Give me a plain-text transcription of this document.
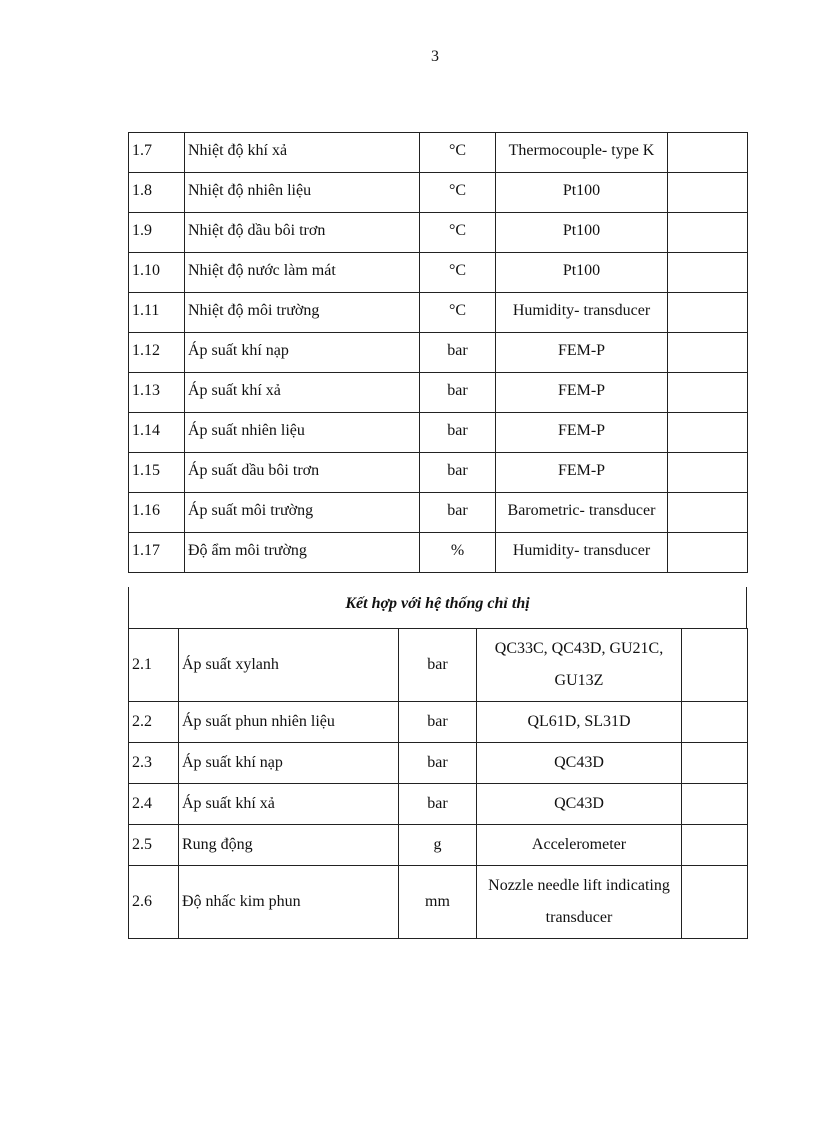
3
1.7	Nhiệt độ khí xả	°C	Thermocouple- type K	
1.8	Nhiệt độ nhiên liệu	°C	Pt100	
1.9	Nhiệt độ dầu bôi trơn	°C	Pt100	
1.10	Nhiệt độ nước làm mát	°C	Pt100	
1.11	Nhiệt độ môi trường	°C	Humidity- transducer	
1.12	Áp suất khí nạp	bar	FEM-P	
1.13	Áp suất khí xả	bar	FEM-P	
1.14	Áp suất nhiên liệu	bar	FEM-P	
1.15	Áp suất dầu bôi trơn	bar	FEM-P	
1.16	Áp suất môi trường	bar	Barometric- transducer	
1.17	Độ ẩm môi trường	%	Humidity- transducer	
Kết hợp với hệ thống chỉ thị
2.1	Áp suất xylanh	bar	QC33C, QC43D, GU21C, GU13Z	
2.2	Áp suất phun nhiên liệu	bar	QL61D, SL31D	
2.3	Áp suất khí nạp	bar	QC43D	
2.4	Áp suất khí xả	bar	QC43D	
2.5	Rung động	g	Accelerometer	
2.6	Độ nhấc kim phun	mm	Nozzle needle lift indicating transducer	
